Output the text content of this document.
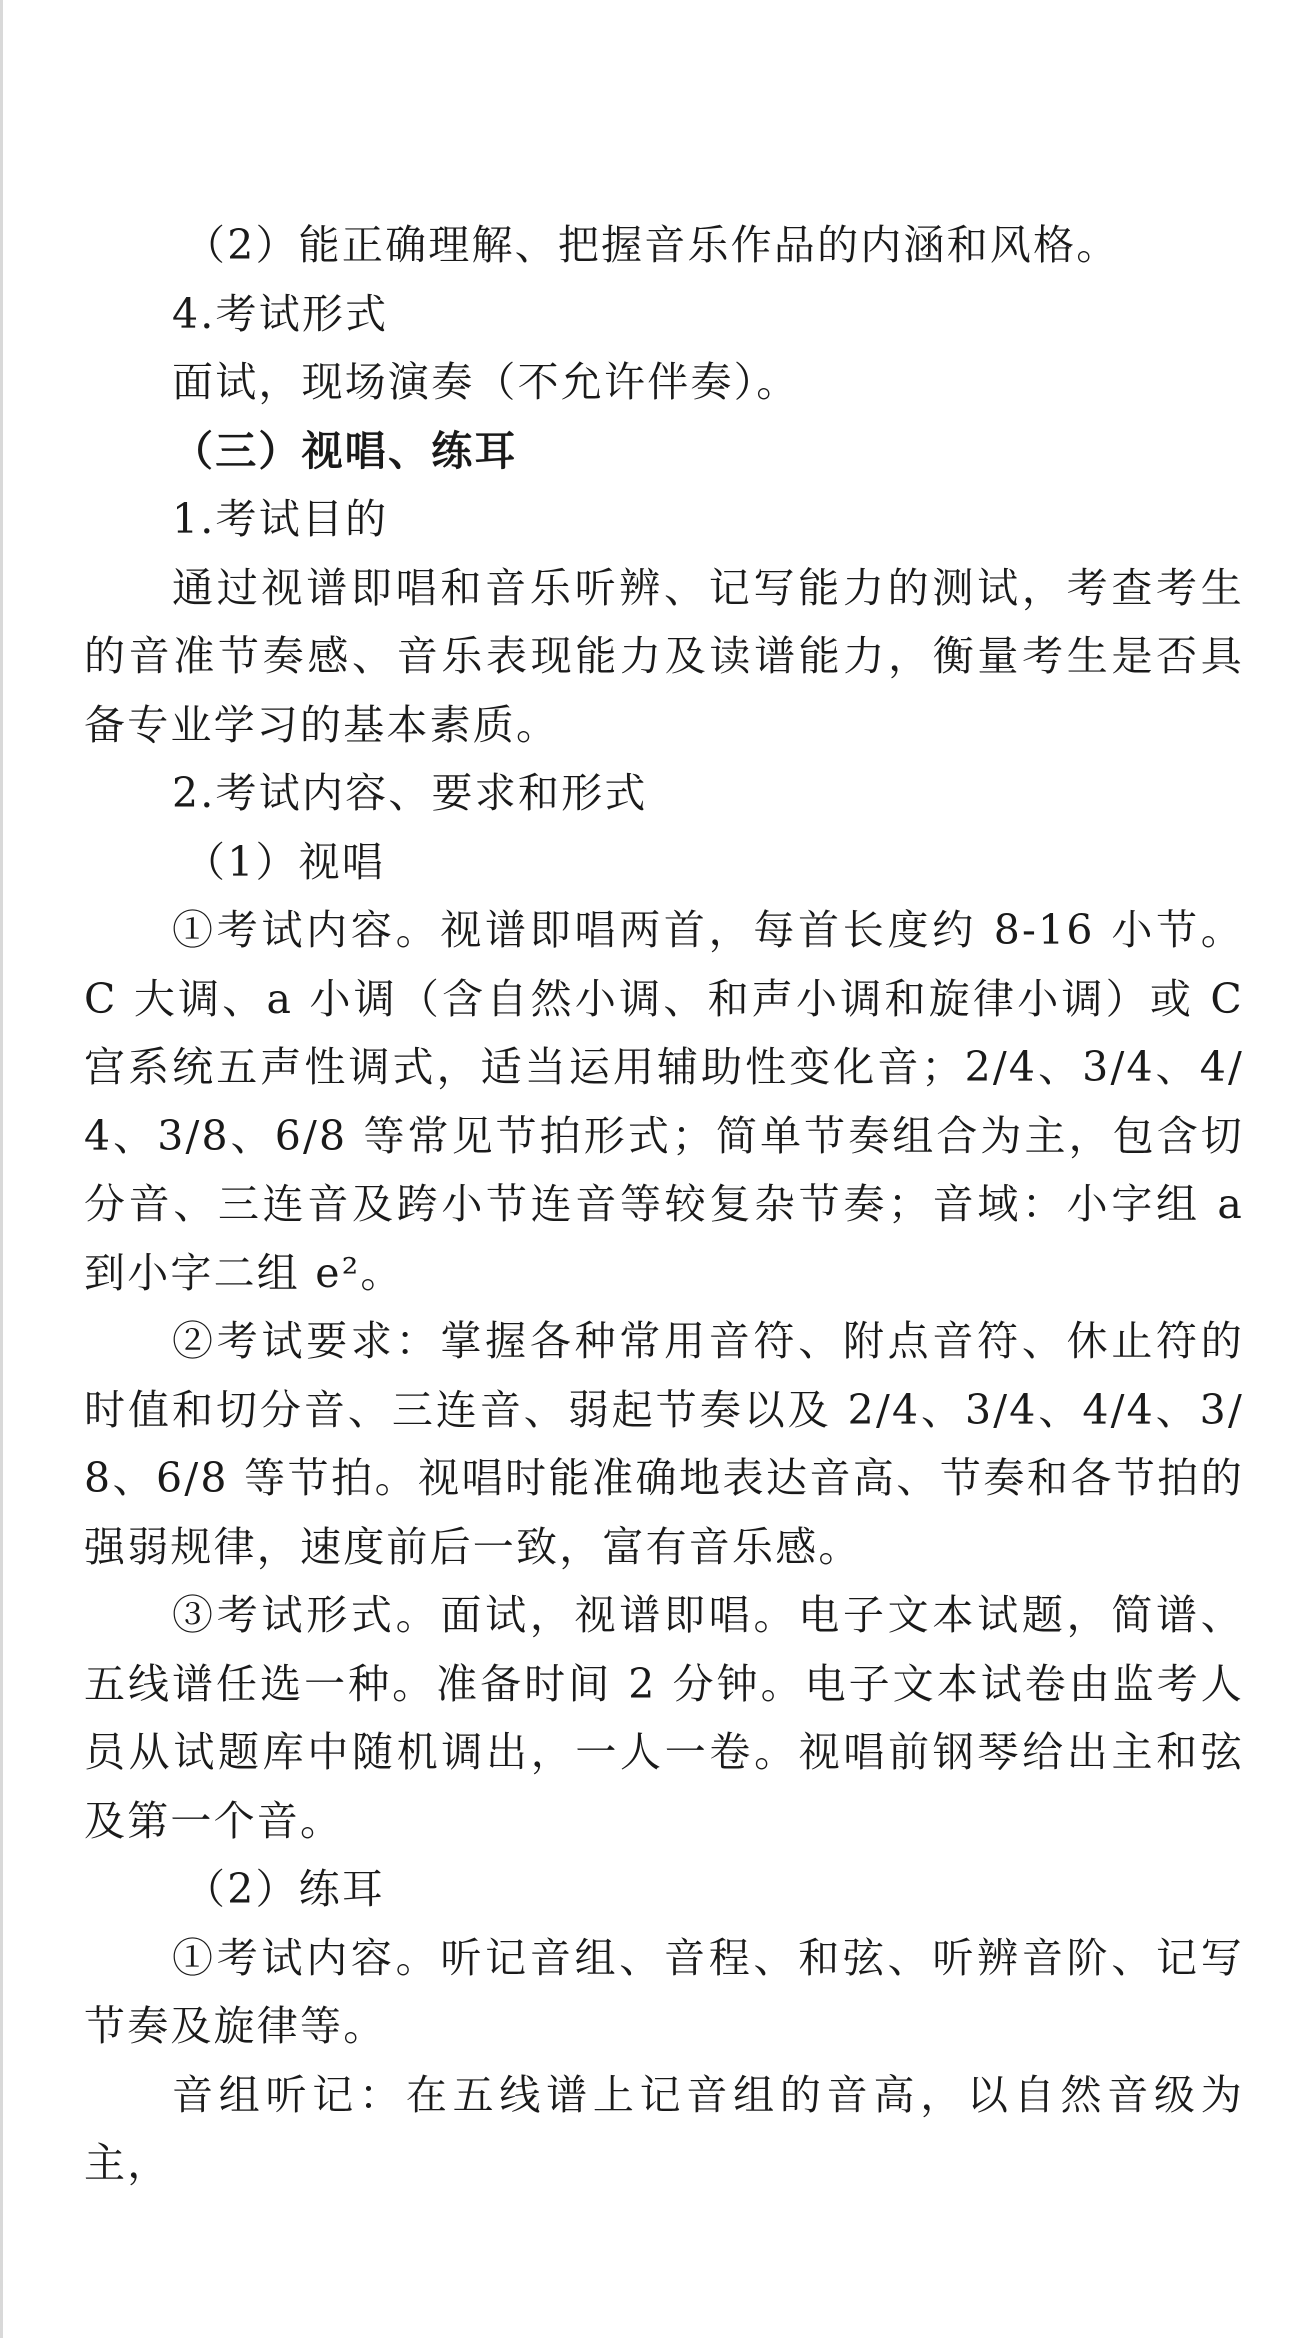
（2）能正确理解、把握音乐作品的内涵和风格。

4.考试形式

面试，现场演奏（不允许伴奏）。

（三）视唱、练耳

1.考试目的

通过视谱即唱和音乐听辨、记写能力的测试，考查考生的音准节奏感、音乐表现能力及读谱能力，衡量考生是否具备专业学习的基本素质。

2.考试内容、要求和形式

（1）视唱

①考试内容。视谱即唱两首，每首长度约 8-16 小节。C 大调、a 小调（含自然小调、和声小调和旋律小调）或 C 宫系统五声性调式，适当运用辅助性变化音；2/4、3/4、4/4、3/8、6/8 等常见节拍形式；简单节奏组合为主，包含切分音、三连音及跨小节连音等较复杂节奏；音域：小字组 a 到小字二组 e²。

②考试要求：掌握各种常用音符、附点音符、休止符的时值和切分音、三连音、弱起节奏以及 2/4、3/4、4/4、3/8、6/8 等节拍。视唱时能准确地表达音高、节奏和各节拍的强弱规律，速度前后一致，富有音乐感。

③考试形式。面试，视谱即唱。电子文本试题，简谱、五线谱任选一种。准备时间 2 分钟。电子文本试卷由监考人员从试题库中随机调出，一人一卷。视唱前钢琴给出主和弦及第一个音。

（2）练耳

①考试内容。听记音组、音程、和弦、听辨音阶、记写节奏及旋律等。

音组听记：在五线谱上记音组的音高，以自然音级为主，
